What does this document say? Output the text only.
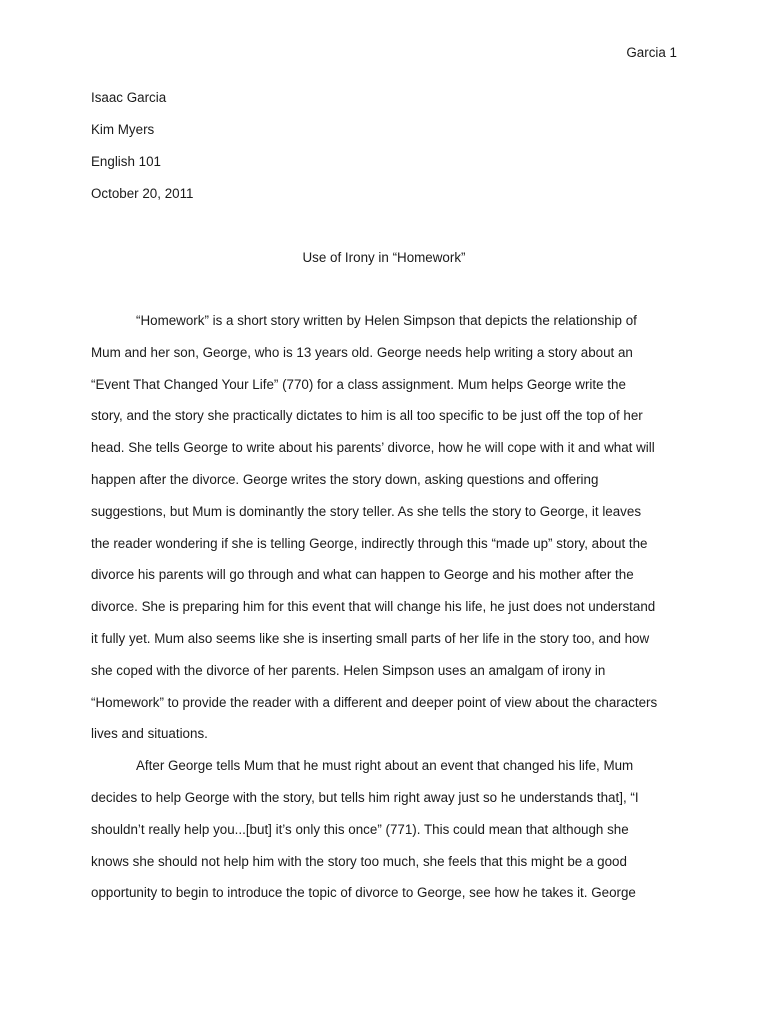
Garcia 1
Isaac Garcia
Kim Myers
English 101
October 20, 2011
Use of Irony in “Homework”

“Homework” is a short story written by Helen Simpson that depicts the relationship of
Mum and her son, George, who is 13 years old. George needs help writing a story about an
“Event That Changed Your Life” (770) for a class assignment. Mum helps George write the
story, and the story she practically dictates to him is all too specific to be just off the top of her
head. She tells George to write about his parents’ divorce, how he will cope with it and what will
happen after the divorce. George writes the story down, asking questions and offering
suggestions, but Mum is dominantly the story teller. As she tells the story to George, it leaves
the reader wondering if she is telling George, indirectly through this “made up” story, about the
divorce his parents will go through and what can happen to George and his mother after the
divorce. She is preparing him for this event that will change his life, he just does not understand
it fully yet. Mum also seems like she is inserting small parts of her life in the story too, and how
she coped with the divorce of her parents. Helen Simpson uses an amalgam of irony in
“Homework” to provide the reader with a different and deeper point of view about the characters
lives and situations.

After George tells Mum that he must right about an event that changed his life, Mum
decides to help George with the story, but tells him right away just so he understands that], “I
shouldn’t really help you...[but] it’s only this once” (771). This could mean that although she
knows she should not help him with the story too much, she feels that this might be a good
opportunity to begin to introduce the topic of divorce to George, see how he takes it. George
